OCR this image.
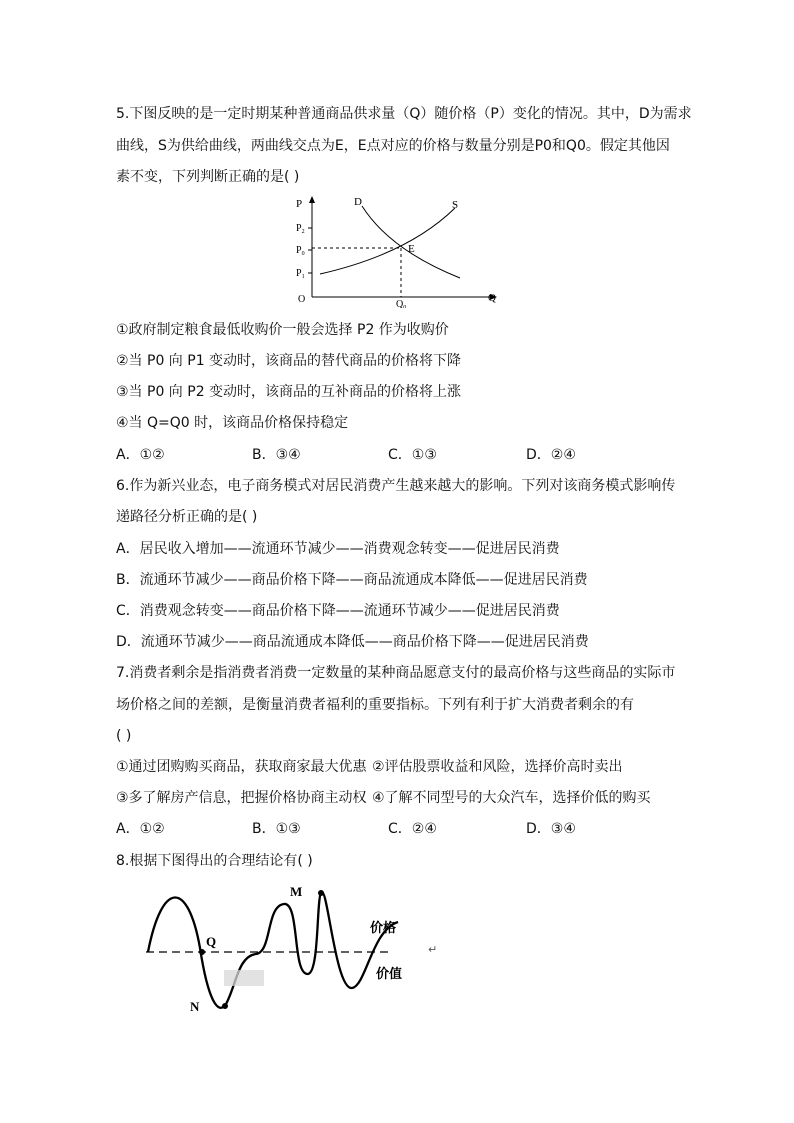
5.下图反映的是一定时期某种普通商品供求量（Q）随价格（P）变化的情况。其中，D为需求
曲线，S为供给曲线，两曲线交点为E，E点对应的价格与数量分别是P0和Q0。假定其他因
素不变，下列判断正确的是( )
P
$P_2$
$P_0$
$P_1$
O	Q
$Q_0$
D	S
E
①政府制定粮食最低收购价一般会选择 P2 作为收购价
②当 P0 向 P1 变动时，该商品的替代商品的价格将下降
③当 P0 向 P2 变动时，该商品的互补商品的价格将上涨
④当 Q=Q0 时，该商品价格保持稳定
A．①②	B．③④	C．①③	D．②④
6.作为新兴业态，电子商务模式对居民消费产生越来越大的影响。下列对该商务模式影响传
递路径分析正确的是( )
A．居民收入增加——流通环节减少——消费观念转变——促进居民消费
B．流通环节减少——商品价格下降——商品流通成本降低——促进居民消费
C．消费观念转变——商品价格下降——流通环节减少——促进居民消费
D．流通环节减少——商品流通成本降低——商品价格下降——促进居民消费
7.消费者剩余是指消费者消费一定数量的某种商品愿意支付的最高价格与这些商品的实际市
场价格之间的差额，是衡量消费者福利的重要指标。下列有利于扩大消费者剩余的有
( )
①通过团购购买商品，获取商家最大优惠 ②评估股票收益和风险，选择价高时卖出
③多了解房产信息，把握价格协商主动权 ④了解不同型号的大众汽车，选择价低的购买
A．①②	B．①③	C．②④	D．③④
8.根据下图得出的合理结论有( )
M
Q
N
价格
价值
↵
